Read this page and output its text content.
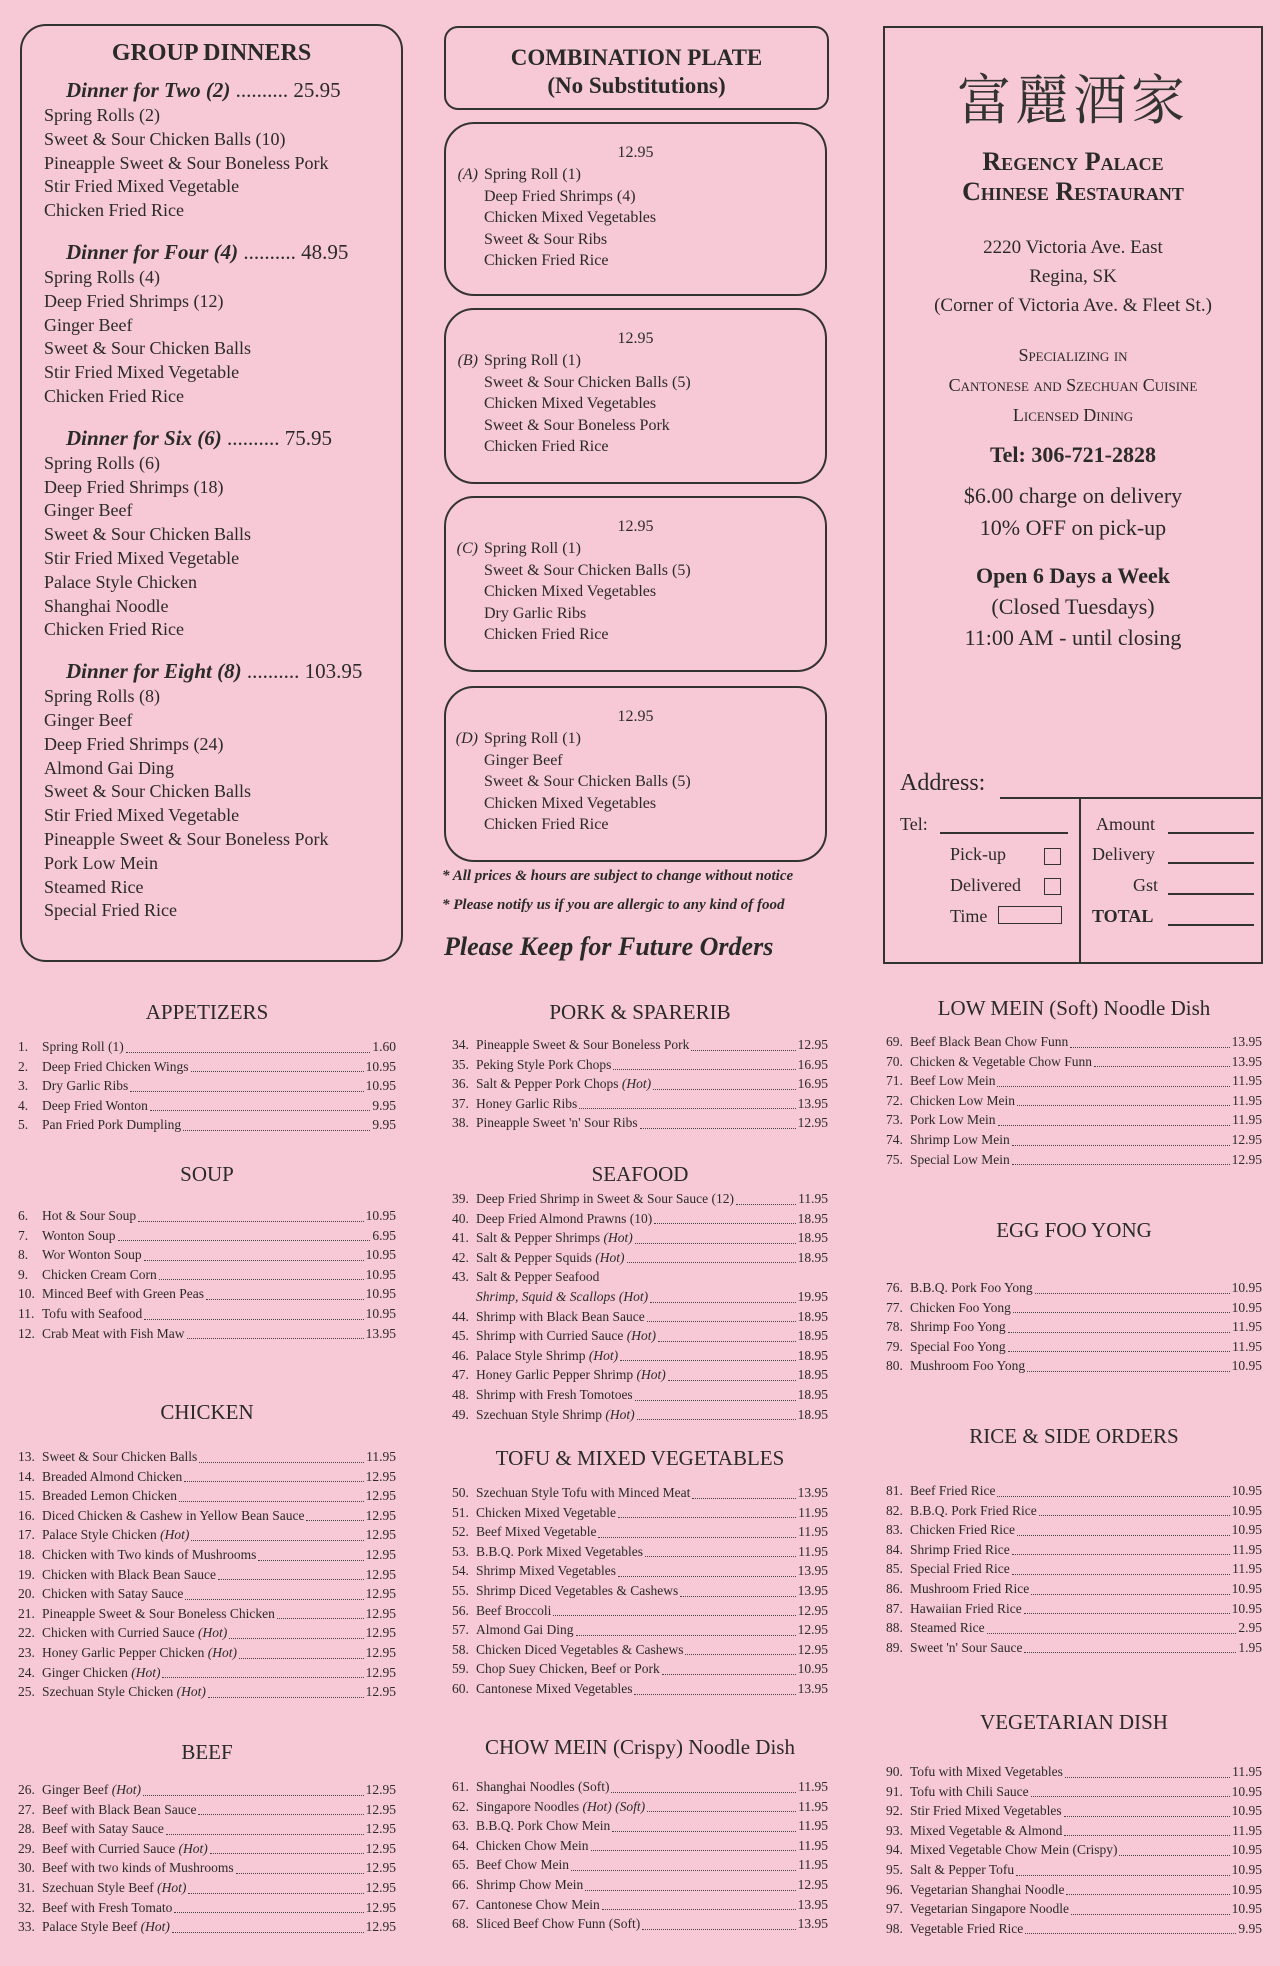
GROUP DINNERS
Dinner for Two (2) .......... 25.95
Spring Rolls (2)
Sweet & Sour Chicken Balls (10)
Pineapple Sweet & Sour Boneless Pork
Stir Fried Mixed Vegetable
Chicken Fried Rice
Dinner for Four (4) .......... 48.95
Spring Rolls (4)
Deep Fried Shrimps (12)
Ginger Beef
Sweet & Sour Chicken Balls
Stir Fried Mixed Vegetable
Chicken Fried Rice
Dinner for Six (6) .......... 75.95
Spring Rolls (6)
Deep Fried Shrimps (18)
Ginger Beef
Sweet & Sour Chicken Balls
Stir Fried Mixed Vegetable
Palace Style Chicken
Shanghai Noodle
Chicken Fried Rice
Dinner for Eight (8) .......... 103.95
Spring Rolls (8)
Ginger Beef
Deep Fried Shrimps (24)
Almond Gai Ding
Sweet & Sour Chicken Balls
Stir Fried Mixed Vegetable
Pineapple Sweet & Sour Boneless Pork
Pork Low Mein
Steamed Rice
Special Fried Rice
COMBINATION PLATE
(No Substitutions)
12.95
(A) Spring Roll (1)
Deep Fried Shrimps (4)
Chicken Mixed Vegetables
Sweet & Sour Ribs
Chicken Fried Rice
12.95
(B) Spring Roll (1)
Sweet & Sour Chicken Balls (5)
Chicken Mixed Vegetables
Sweet & Sour Boneless Pork
Chicken Fried Rice
12.95
(C) Spring Roll (1)
Sweet & Sour Chicken Balls (5)
Chicken Mixed Vegetables
Dry Garlic Ribs
Chicken Fried Rice
12.95
(D) Spring Roll (1)
Ginger Beef
Sweet & Sour Chicken Balls (5)
Chicken Mixed Vegetables
Chicken Fried Rice
* All prices & hours are subject to change without notice
* Please notify us if you are allergic to any kind of food
Please Keep for Future Orders
富麗酒家
Regency Palace
Chinese Restaurant
2220 Victoria Ave. East
Regina, SK
(Corner of Victoria Ave. & Fleet St.)
Specializing in
Cantonese and Szechuan Cuisine
Licensed Dining
Tel: 306-721-2828
$6.00 charge on delivery
10% OFF on pick-up
Open 6 Days a Week
(Closed Tuesdays)
11:00 AM - until closing
Address:
Tel:
Pick-up
Delivered
Time
Amount
Delivery
Gst
TOTAL
APPETIZERS
1.	Spring Roll (1)	1.60
2.	Deep Fried Chicken Wings	10.95
3.	Dry Garlic Ribs	10.95
4.	Deep Fried Wonton	9.95
5.	Pan Fried Pork Dumpling	9.95
SOUP
6.	Hot & Sour Soup	10.95
7.	Wonton Soup	6.95
8.	Wor Wonton Soup	10.95
9.	Chicken Cream Corn	10.95
10. Minced Beef with Green Peas	10.95
11. Tofu with Seafood	10.95
12. Crab Meat with Fish Maw	13.95
CHICKEN
13. Sweet & Sour Chicken Balls	11.95
14. Breaded Almond Chicken	12.95
15. Breaded Lemon Chicken	12.95
16. Diced Chicken & Cashew in Yellow Bean Sauce	12.95
17. Palace Style Chicken (Hot)	12.95
18. Chicken with Two kinds of Mushrooms	12.95
19. Chicken with Black Bean Sauce	12.95
20. Chicken with Satay Sauce	12.95
21. Pineapple Sweet & Sour Boneless Chicken	12.95
22. Chicken with Curried Sauce (Hot)	12.95
23. Honey Garlic Pepper Chicken (Hot)	12.95
24. Ginger Chicken (Hot)	12.95
25. Szechuan Style Chicken (Hot)	12.95
BEEF
26. Ginger Beef (Hot)	12.95
27. Beef with Black Bean Sauce	12.95
28. Beef with Satay Sauce	12.95
29. Beef with Curried Sauce (Hot)	12.95
30. Beef with two kinds of Mushrooms	12.95
31. Szechuan Style Beef (Hot)	12.95
32. Beef with Fresh Tomato	12.95
33. Palace Style Beef (Hot)	12.95
PORK & SPARERIB
34. Pineapple Sweet & Sour Boneless Pork	12.95
35. Peking Style Pork Chops	16.95
36. Salt & Pepper Pork Chops (Hot)	16.95
37. Honey Garlic Ribs	13.95
38. Pineapple Sweet 'n' Sour Ribs	12.95
SEAFOOD
39. Deep Fried Shrimp in Sweet & Sour Sauce (12)	11.95
40. Deep Fried Almond Prawns (10)	18.95
41. Salt & Pepper Shrimps (Hot)	18.95
42. Salt & Pepper Squids (Hot)	18.95
43. Salt & Pepper Seafood
Shrimp, Squid & Scallops (Hot)	19.95
44. Shrimp with Black Bean Sauce	18.95
45. Shrimp with Curried Sauce (Hot)	18.95
46. Palace Style Shrimp (Hot)	18.95
47. Honey Garlic Pepper Shrimp (Hot)	18.95
48. Shrimp with Fresh Tomotoes	18.95
49. Szechuan Style Shrimp (Hot)	18.95
TOFU & MIXED VEGETABLES
50. Szechuan Style Tofu with Minced Meat	13.95
51. Chicken Mixed Vegetable	11.95
52. Beef Mixed Vegetable	11.95
53. B.B.Q. Pork Mixed Vegetables	11.95
54. Shrimp Mixed Vegetables	13.95
55. Shrimp Diced Vegetables & Cashews	13.95
56. Beef Broccoli	12.95
57. Almond Gai Ding	12.95
58. Chicken Diced Vegetables & Cashews	12.95
59. Chop Suey Chicken, Beef or Pork	10.95
60. Cantonese Mixed Vegetables	13.95
CHOW MEIN (Crispy) Noodle Dish
61. Shanghai Noodles (Soft)	11.95
62. Singapore Noodles (Hot) (Soft)	11.95
63. B.B.Q. Pork Chow Mein	11.95
64. Chicken Chow Mein	11.95
65. Beef Chow Mein	11.95
66. Shrimp Chow Mein	12.95
67. Cantonese Chow Mein	13.95
68. Sliced Beef Chow Funn (Soft)	13.95
LOW MEIN (Soft) Noodle Dish
69. Beef Black Bean Chow Funn	13.95
70. Chicken & Vegetable Chow Funn	13.95
71. Beef Low Mein	11.95
72. Chicken Low Mein	11.95
73. Pork Low Mein	11.95
74. Shrimp Low Mein	12.95
75. Special Low Mein	12.95
EGG FOO YONG
76. B.B.Q. Pork Foo Yong	10.95
77. Chicken Foo Yong	10.95
78. Shrimp Foo Yong	11.95
79. Special Foo Yong	11.95
80. Mushroom Foo Yong	10.95
RICE & SIDE ORDERS
81. Beef Fried Rice	10.95
82. B.B.Q. Pork Fried Rice	10.95
83. Chicken Fried Rice	10.95
84. Shrimp Fried Rice	11.95
85. Special Fried Rice	11.95
86. Mushroom Fried Rice	10.95
87. Hawaiian Fried Rice	10.95
88. Steamed Rice	2.95
89. Sweet 'n' Sour Sauce	1.95
VEGETARIAN DISH
90. Tofu with Mixed Vegetables	11.95
91. Tofu with Chili Sauce	10.95
92. Stir Fried Mixed Vegetables	10.95
93. Mixed Vegetable & Almond	11.95
94. Mixed Vegetable Chow Mein (Crispy)	10.95
95. Salt & Pepper Tofu	10.95
96. Vegetarian Shanghai Noodle	10.95
97. Vegetarian Singapore Noodle	10.95
98. Vegetable Fried Rice	9.95
